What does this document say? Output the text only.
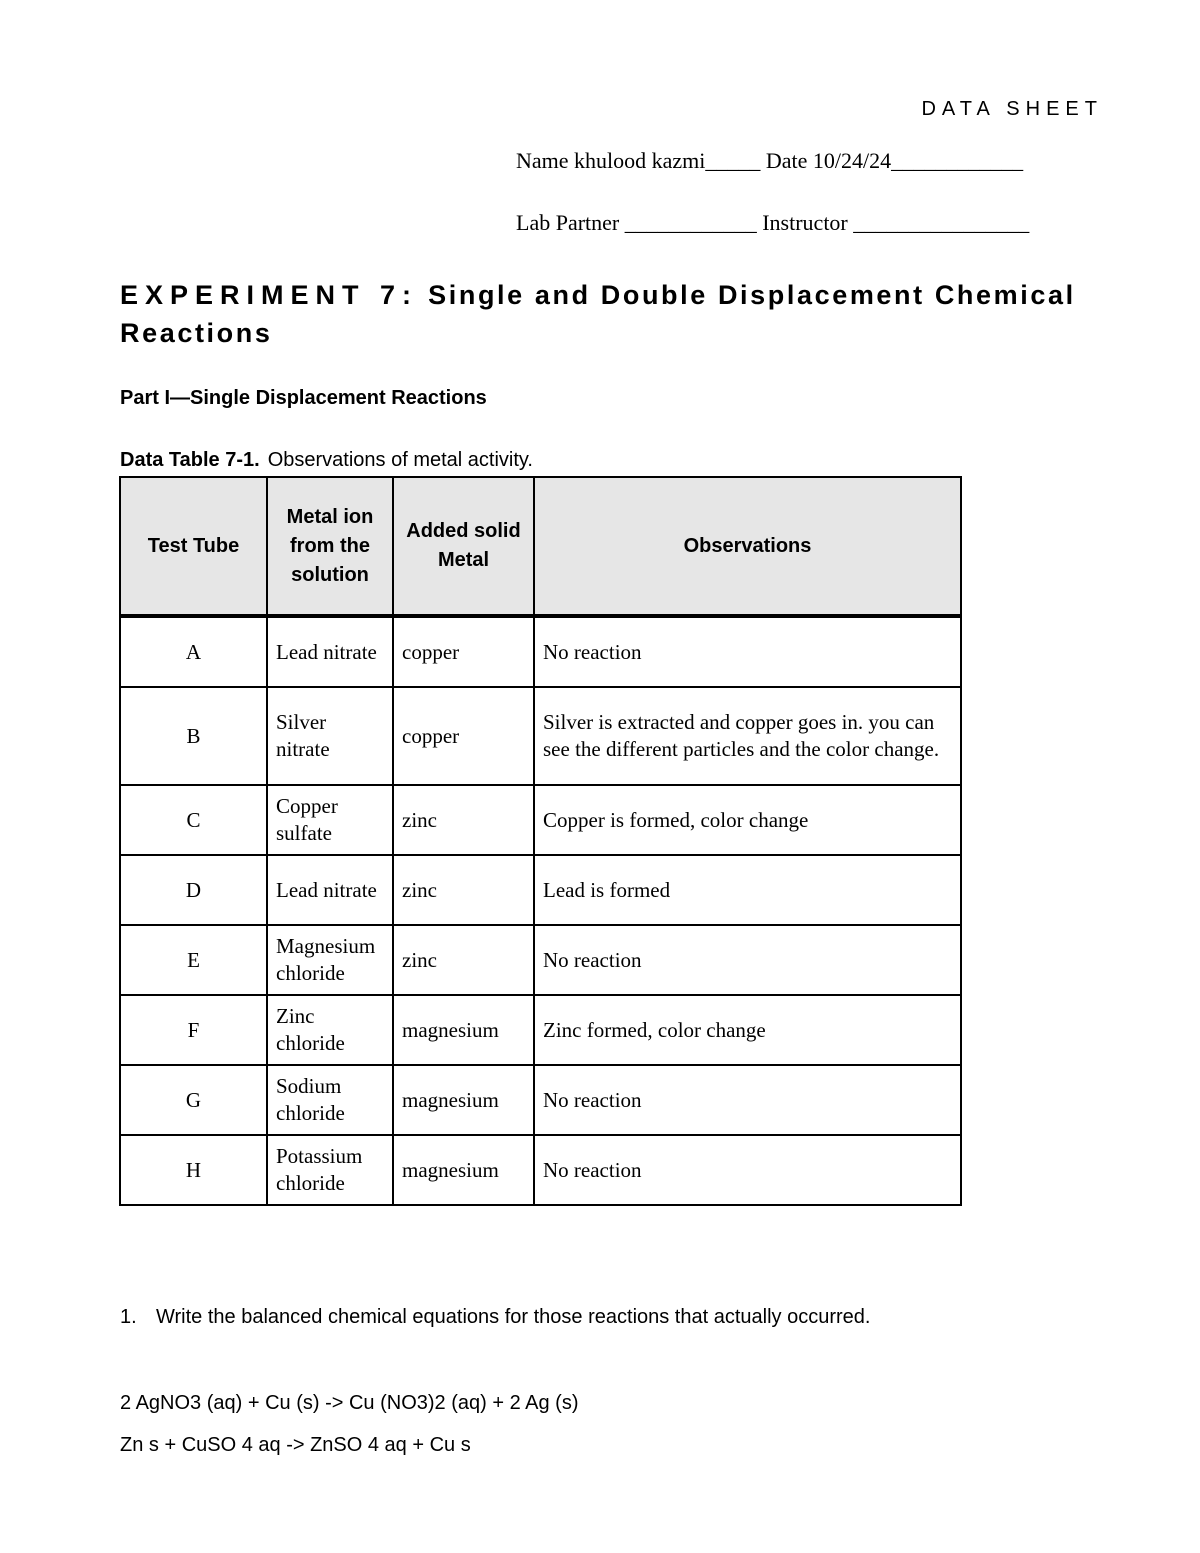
DATA SHEET
Name khulood kazmi_____ Date 10/24/24____________
Lab Partner ____________ Instructor ________________
EXPERIMENT 7: Single and Double Displacement Chemical Reactions
Part I—Single Displacement Reactions
Data Table 7-1. Observations of metal activity.
Test Tube	Metal ion from the solution	Added solid Metal	Observations
A	Lead nitrate	copper	No reaction
B	Silver nitrate	copper	Silver is extracted and copper goes in. you can see the different particles and the color change.
C	Copper sulfate	zinc	Copper is formed, color change
D	Lead nitrate	zinc	Lead is formed
E	Magnesium chloride	zinc	No reaction
F	Zinc chloride	magnesium	Zinc formed, color change
G	Sodium chloride	magnesium	No reaction
H	Potassium chloride	magnesium	No reaction
1. Write the balanced chemical equations for those reactions that actually occurred.
2 AgNO3 (aq) + Cu (s) -> Cu (NO3)2 (aq) + 2 Ag (s)
Zn s + CuSO 4 aq -> ZnSO 4 aq + Cu s
